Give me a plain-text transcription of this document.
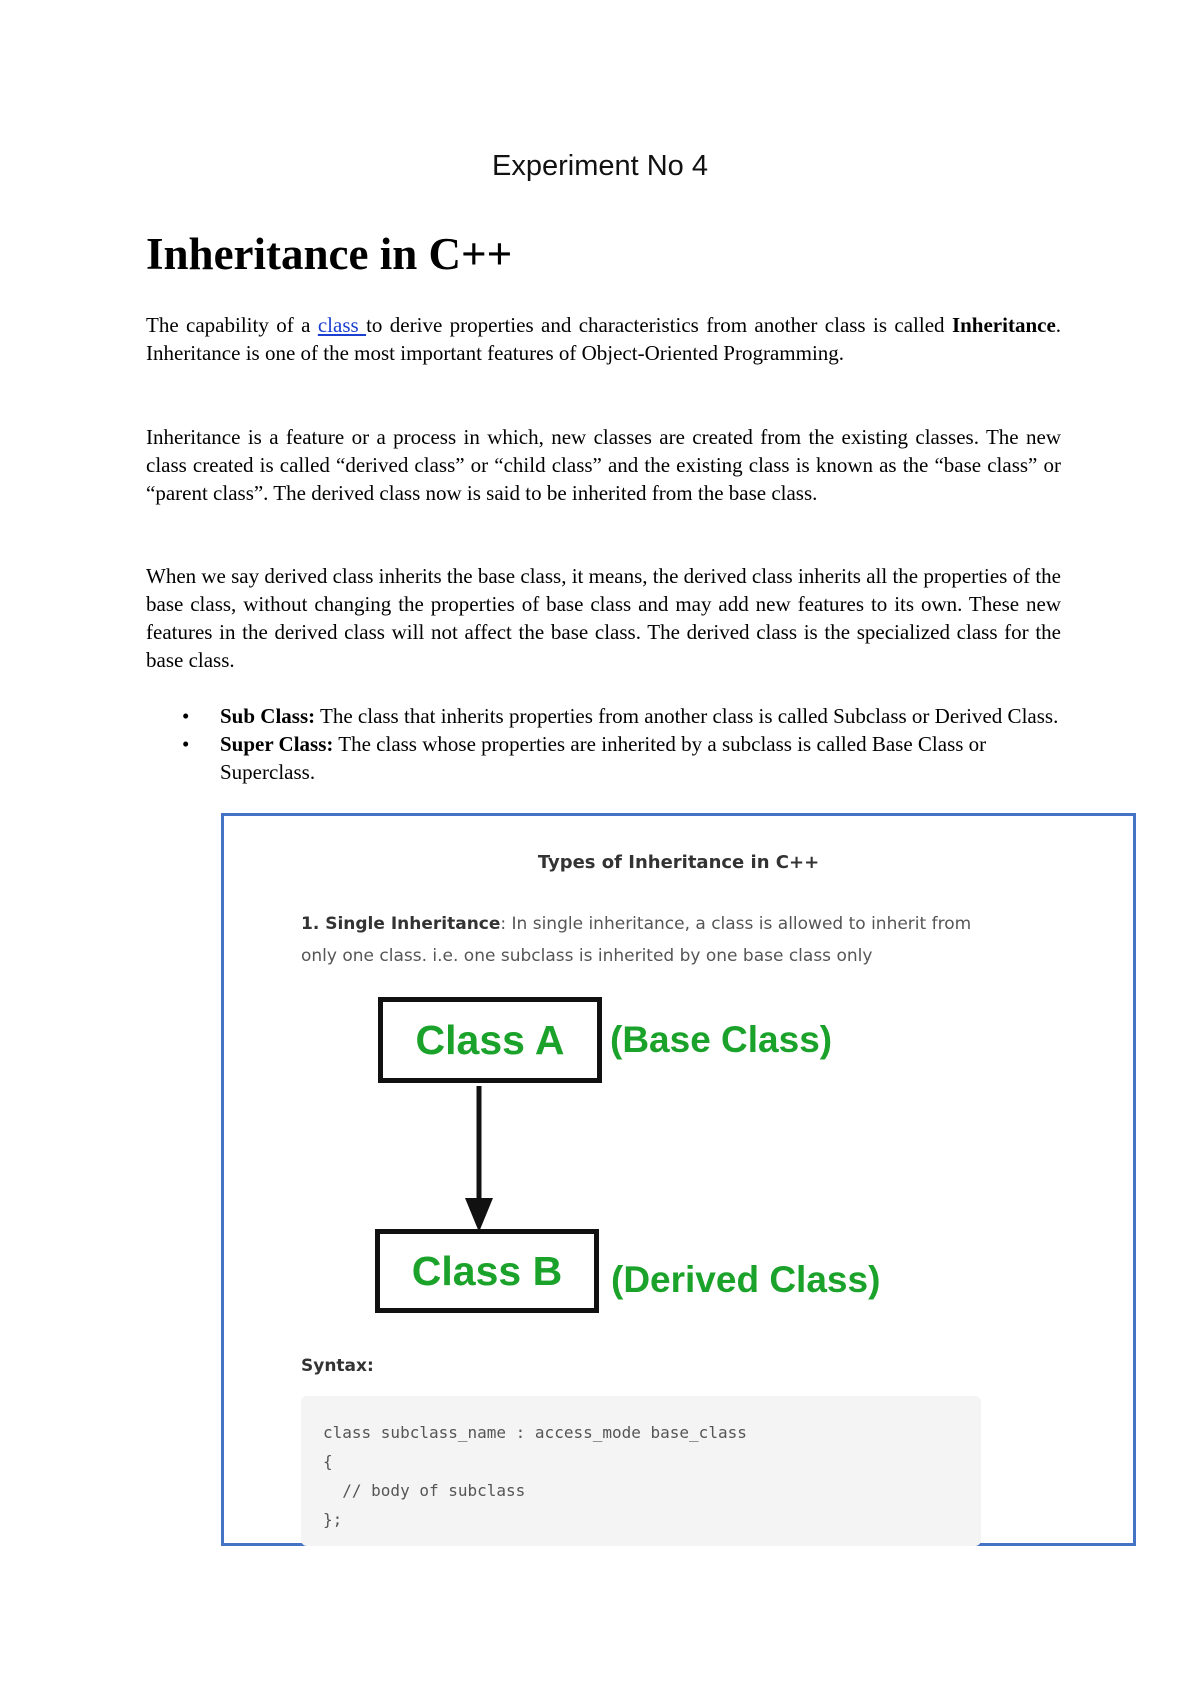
Experiment No 4
Inheritance in C++

The capability of a class to derive properties and characteristics from another class is called Inheritance. Inheritance is one of the most important features of Object-Oriented Programming.

Inheritance is a feature or a process in which, new classes are created from the existing classes. The new class created is called “derived class” or “child class” and the existing class is known as the “base class” or “parent class”. The derived class now is said to be inherited from the base class.

When we say derived class inherits the base class, it means, the derived class inherits all the properties of the base class, without changing the properties of base class and may add new features to its own. These new features in the derived class will not affect the base class. The derived class is the specialized class for the base class.

• Sub Class: The class that inherits properties from another class is called Subclass or Derived Class.
• Super Class: The class whose properties are inherited by a subclass is called Base Class or Superclass.
Types of Inheritance in C++
1. Single Inheritance: In single inheritance, a class is allowed to inherit from only one class. i.e. one subclass is inherited by one base class only
Class A	(Base Class)
Class B	(Derived Class)
Syntax:
class subclass_name : access_mode base_class
{
// body of subclass
};
